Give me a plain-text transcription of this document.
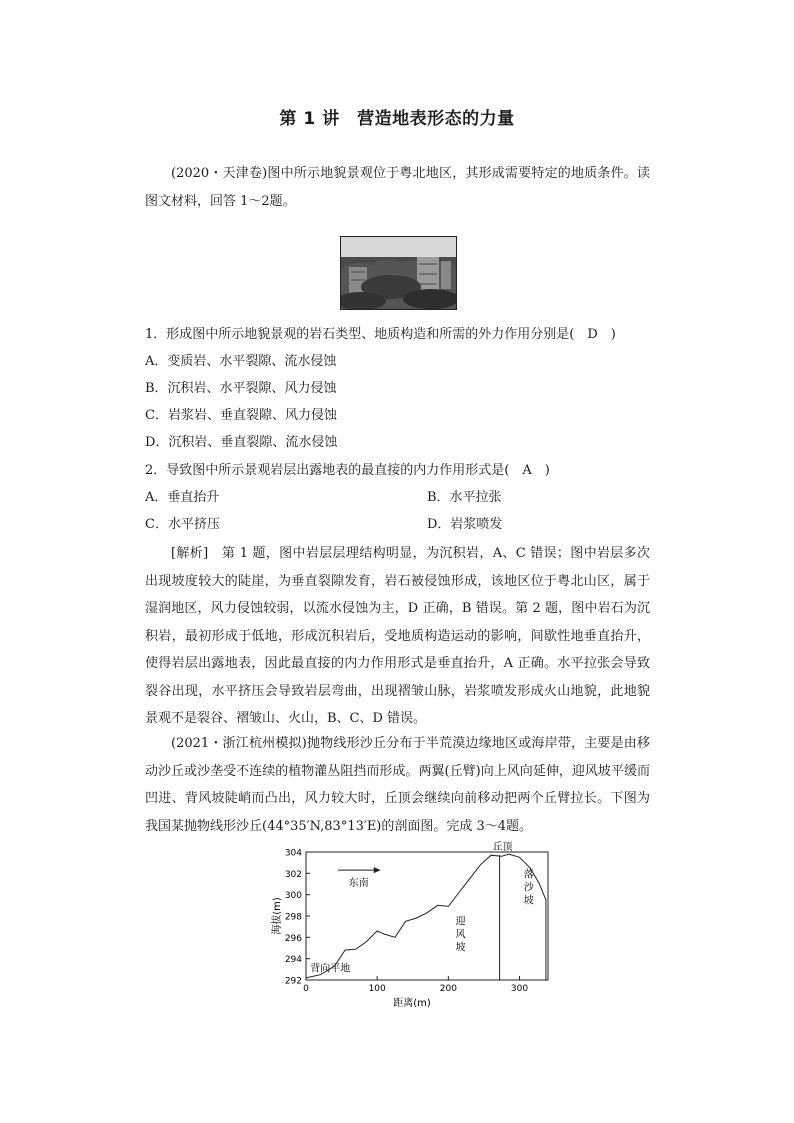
第 1 讲　营造地表形态的力量

(2020・天津卷)图中所示地貌景观位于粤北地区，其形成需要特定的地质条件。读图文材料，回答 1～2题。

1．形成图中所示地貌景观的岩石类型、地质构造和所需的外力作用分别是(　D　)
A．变质岩、水平裂隙、流水侵蚀
B．沉积岩、水平裂隙、风力侵蚀
C．岩浆岩、垂直裂隙、风力侵蚀
D．沉积岩、垂直裂隙、流水侵蚀
2．导致图中所示景观岩层出露地表的最直接的内力作用形式是(　A　)
A．垂直抬升	B．水平拉张
C．水平挤压	D．岩浆喷发

[解析]　第 1 题，图中岩层层理结构明显，为沉积岩，A、C 错误；图中岩层多次出现坡度较大的陡崖，为垂直裂隙发育，岩石被侵蚀形成，该地区位于粤北山区，属于湿润地区，风力侵蚀较弱，以流水侵蚀为主，D 正确，B 错误。第 2 题，图中岩石为沉积岩，最初形成于低地，形成沉积岩后，受地质构造运动的影响，间歇性地垂直抬升，使得岩层出露地表，因此最直接的内力作用形式是垂直抬升，A 正确。水平拉张会导致裂谷出现，水平挤压会导致岩层弯曲，出现褶皱山脉，岩浆喷发形成火山地貌，此地貌景观不是裂谷、褶皱山、火山，B、C、D 错误。

(2021・浙江杭州模拟)抛物线形沙丘分布于半荒漠边缘地区或海岸带，主要是由移动沙丘或沙垄受不连续的植物灌丛阻挡而形成。两翼(丘臂)向上风向延伸，迎风坡平缓而凹进、背风坡陡峭而凸出，风力较大时，丘顶会继续向前移动把两个丘臂拉长。下图为我国某抛物线形沙丘(44°35′N,83°13′E)的剖面图。完成 3～4题。

292
294
296
298
300
302
304
0	100	200	300
东南
丘顶
落
沙
坡
迎
风
坡
背向平地
距离(m)
海拔(m)
